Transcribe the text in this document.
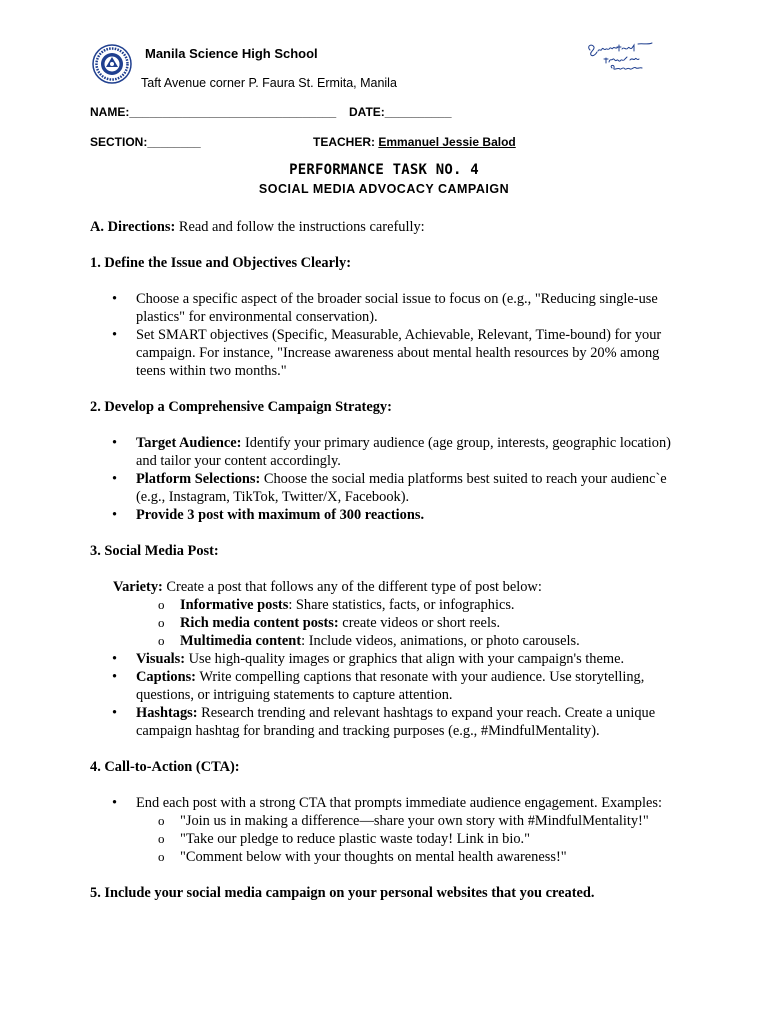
Manila Science High School
Taft Avenue corner P. Faura St. Ermita, Manila
NAME:_______________________________ DATE:__________
SECTION:________	TEACHER: Emmanuel Jessie Balod
PERFORMANCE TASK NO. 4
SOCIAL MEDIA ADVOCACY CAMPAIGN

A. Directions: Read and follow the instructions carefully:

1. Define the Issue and Objectives Clearly:

• Choose a specific aspect of the broader social issue to focus on (e.g., "Reducing single-use plastics" for environmental conservation).
• Set SMART objectives (Specific, Measurable, Achievable, Relevant, Time-bound) for your campaign. For instance, "Increase awareness about mental health resources by 20% among teens within two months."

2. Develop a Comprehensive Campaign Strategy:

• Target Audience: Identify your primary audience (age group, interests, geographic location) and tailor your content accordingly.
• Platform Selections: Choose the social media platforms best suited to reach your audienc`e (e.g., Instagram, TikTok, Twitter/X, Facebook).
• Provide 3 post with maximum of 300 reactions.

3. Social Media Post:

Variety: Create a post that follows any of the different type of post below:

o Informative posts: Share statistics, facts, or infographics.
o Rich media content posts: create videos or short reels.
o Multimedia content: Include videos, animations, or photo carousels.
• Visuals: Use high-quality images or graphics that align with your campaign's theme.
• Captions: Write compelling captions that resonate with your audience. Use storytelling, questions, or intriguing statements to capture attention.
• Hashtags: Research trending and relevant hashtags to expand your reach. Create a unique campaign hashtag for branding and tracking purposes (e.g., #MindfulMentality).

4. Call-to-Action (CTA):

• End each post with a strong CTA that prompts immediate audience engagement. Examples:
o "Join us in making a difference—share your own story with #MindfulMentality!"
o "Take our pledge to reduce plastic waste today! Link in bio."
o "Comment below with your thoughts on mental health awareness!"

5. Include your social media campaign on your personal websites that you created.
